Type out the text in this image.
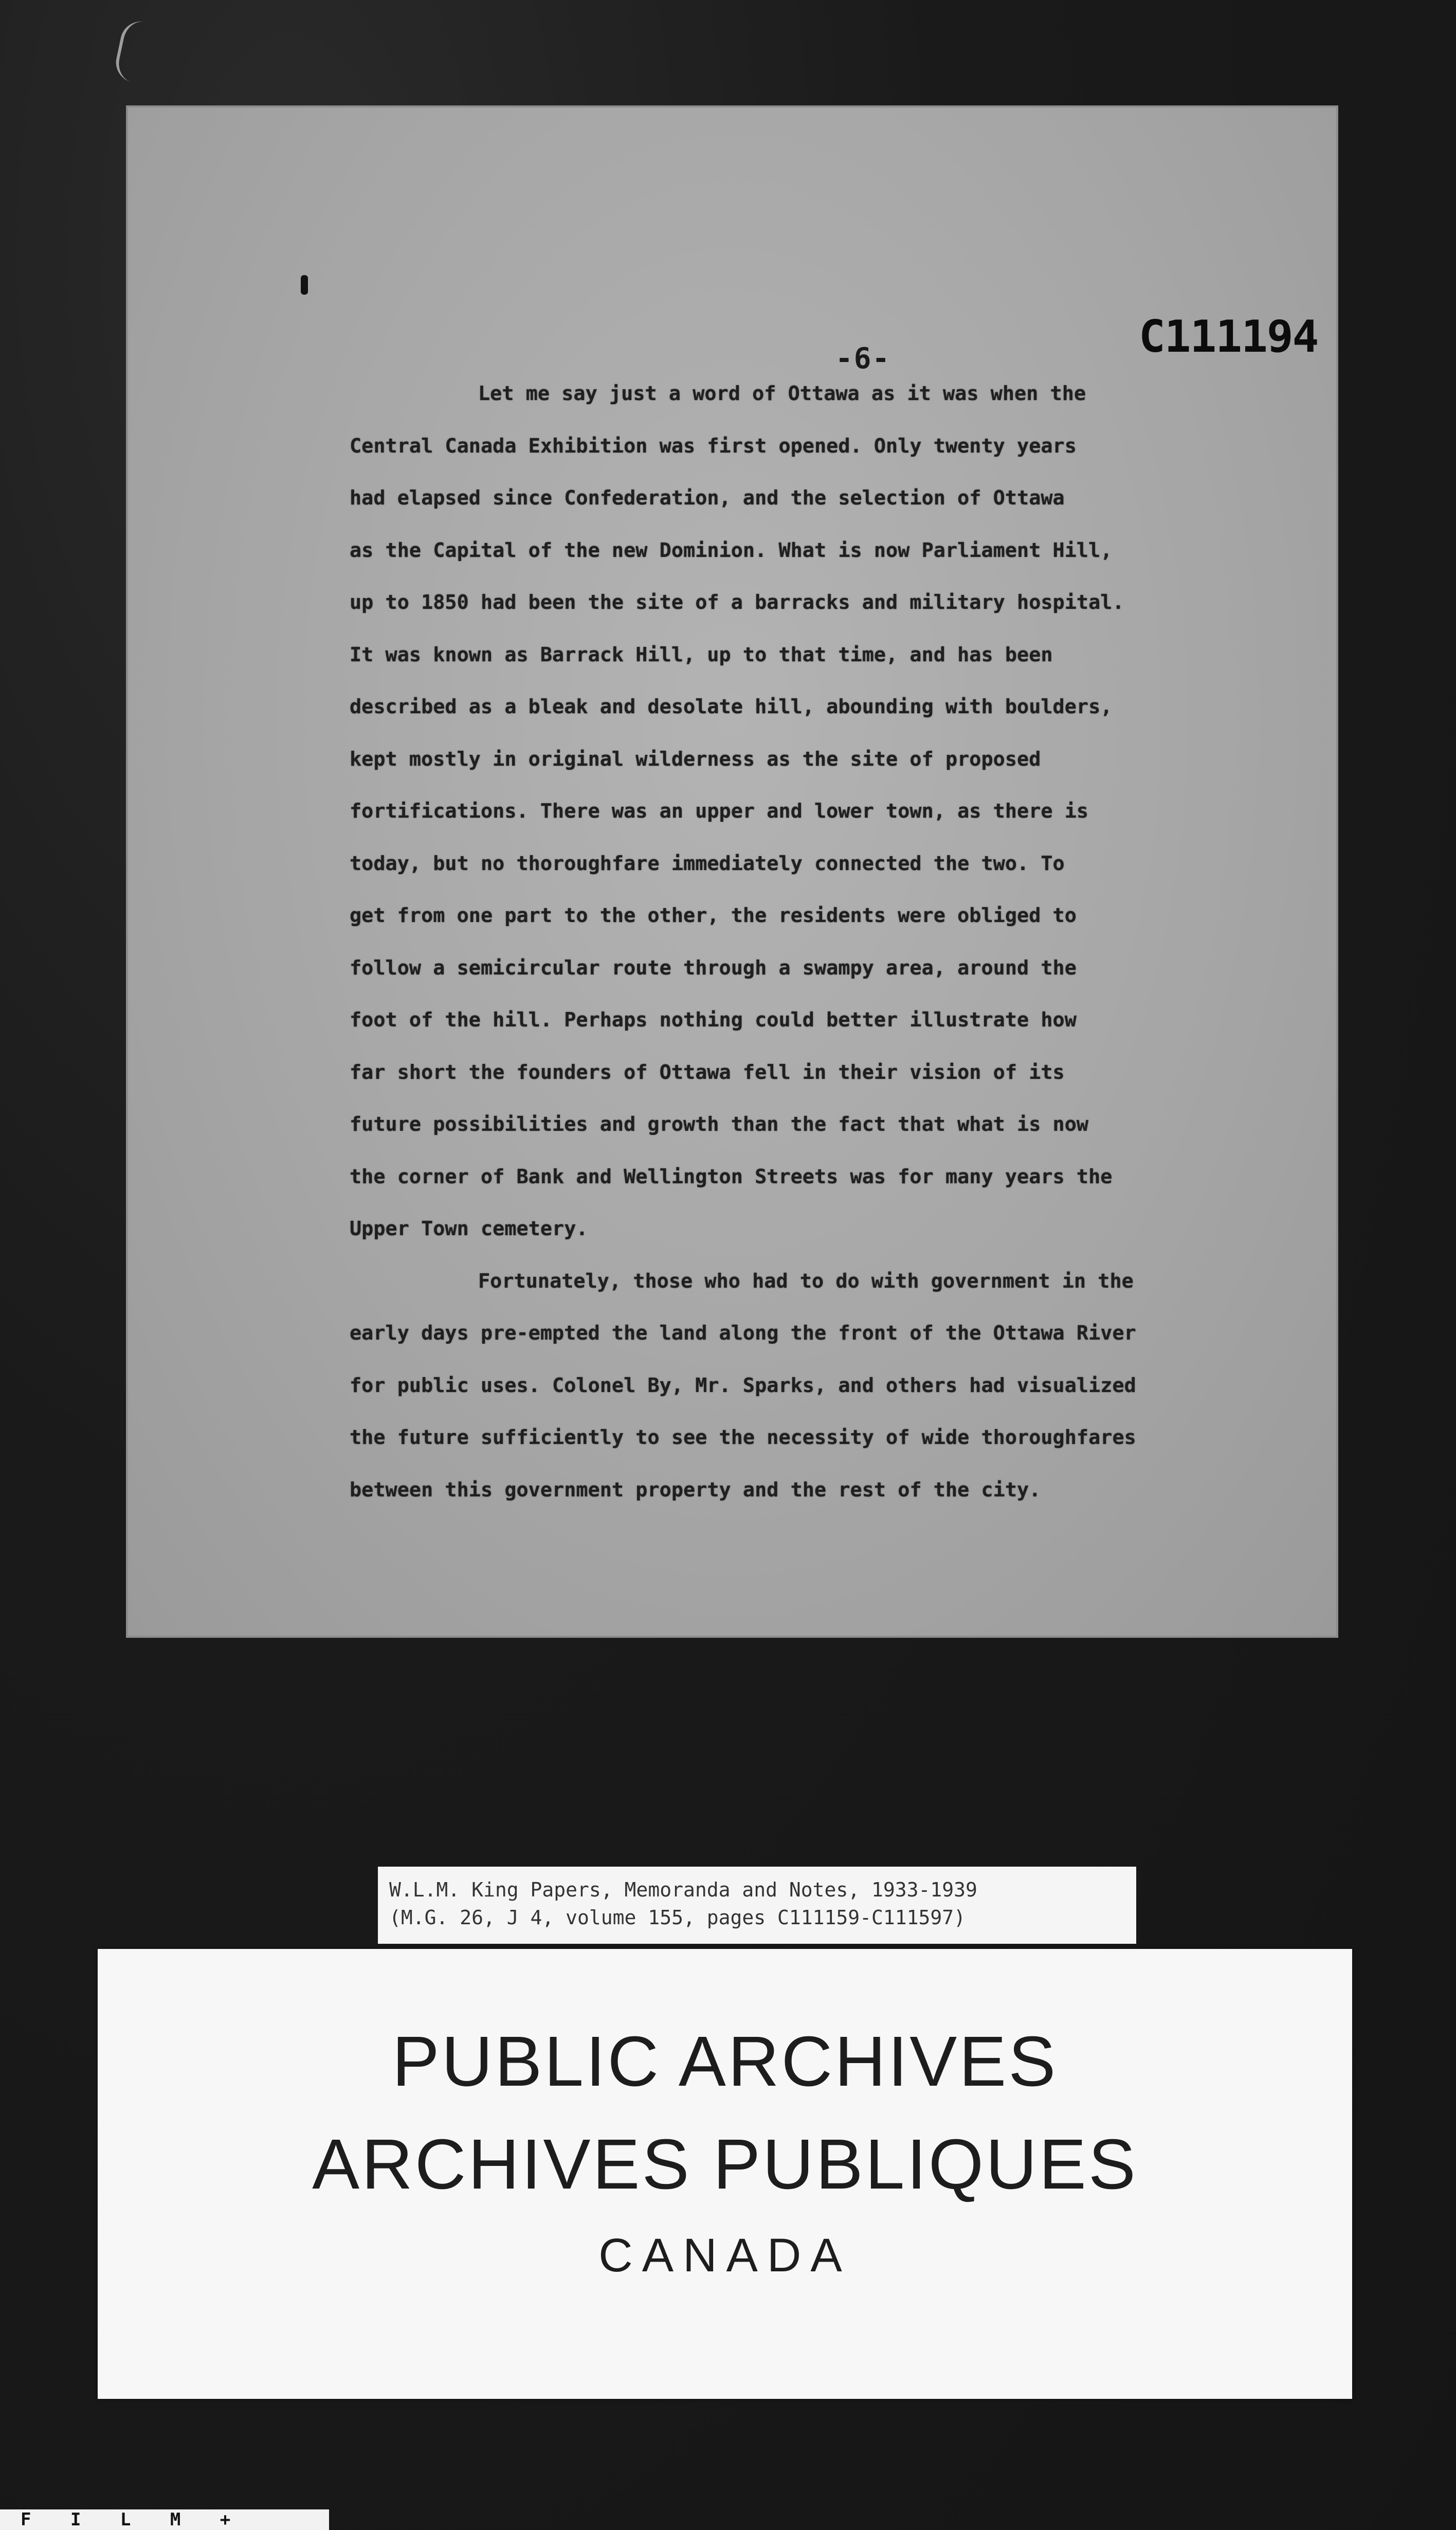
-6-	C111194
Let me say just a word of Ottawa as it was when the
Central Canada Exhibition was first opened. Only twenty years
had elapsed since Confederation, and the selection of Ottawa
as the Capital of the new Dominion. What is now Parliament Hill,
up to 1850 had been the site of a barracks and military hospital.
It was known as Barrack Hill, up to that time, and has been
described as a bleak and desolate hill, abounding with boulders,
kept mostly in original wilderness as the site of proposed
fortifications. There was an upper and lower town, as there is
today, but no thoroughfare immediately connected the two. To
get from one part to the other, the residents were obliged to
follow a semicircular route through a swampy area, around the
foot of the hill. Perhaps nothing could better illustrate how
far short the founders of Ottawa fell in their vision of its
future possibilities and growth than the fact that what is now
the corner of Bank and Wellington Streets was for many years the
Upper Town cemetery.
Fortunately, those who had to do with government in the
early days pre-empted the land along the front of the Ottawa River
for public uses. Colonel By, Mr. Sparks, and others had visualized
the future sufficiently to see the necessity of wide thoroughfares
between this government property and the rest of the city.
W.L.M. King Papers, Memoranda and Notes, 1933-1939
(M.G. 26, J 4, volume 155, pages C111159-C111597)
PUBLIC ARCHIVES
ARCHIVES PUBLIQUES
CANADA
F I L M +
